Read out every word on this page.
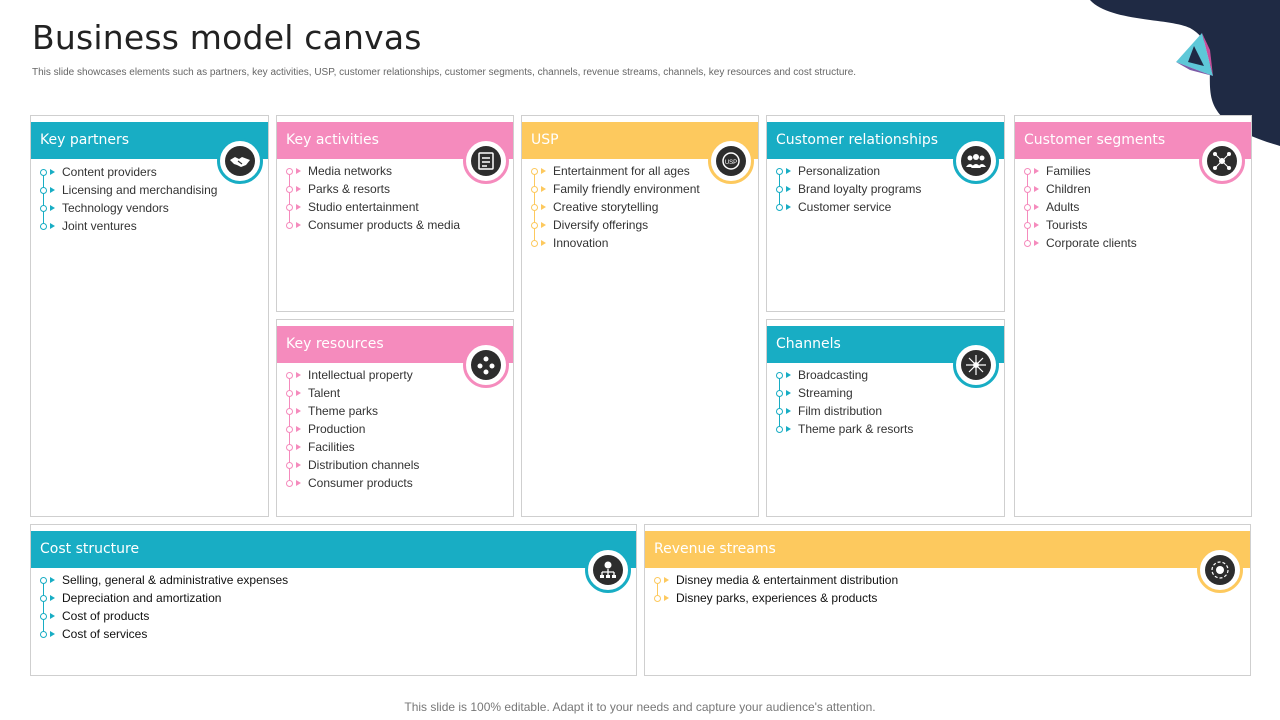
Business model canvas
This slide showcases elements such as partners, key activities, USP, customer relationships, customer segments, channels, revenue streams, channels, key resources and cost structure.
Key partners
Content providers
Licensing and merchandising
Technology vendors
Joint ventures
Key activities
Media networks
Parks & resorts
Studio entertainment
Consumer products & media
USP
USP
Entertainment for all ages
Family friendly environment
Creative storytelling
Diversify offerings
Innovation
Customer relationships
Personalization
Brand loyalty programs
Customer service
Customer segments
Families
Children
Adults
Tourists
Corporate clients
Key resources
Intellectual property
Talent
Theme parks
Production
Facilities
Distribution channels
Consumer products
Channels
Broadcasting
Streaming
Film distribution
Theme park & resorts
Cost structure
Selling, general & administrative expenses
Depreciation and amortization
Cost of products
Cost of services
Revenue streams
Disney media & entertainment distribution
Disney parks, experiences & products
This slide is 100% editable. Adapt it to your needs and capture your audience's attention.
